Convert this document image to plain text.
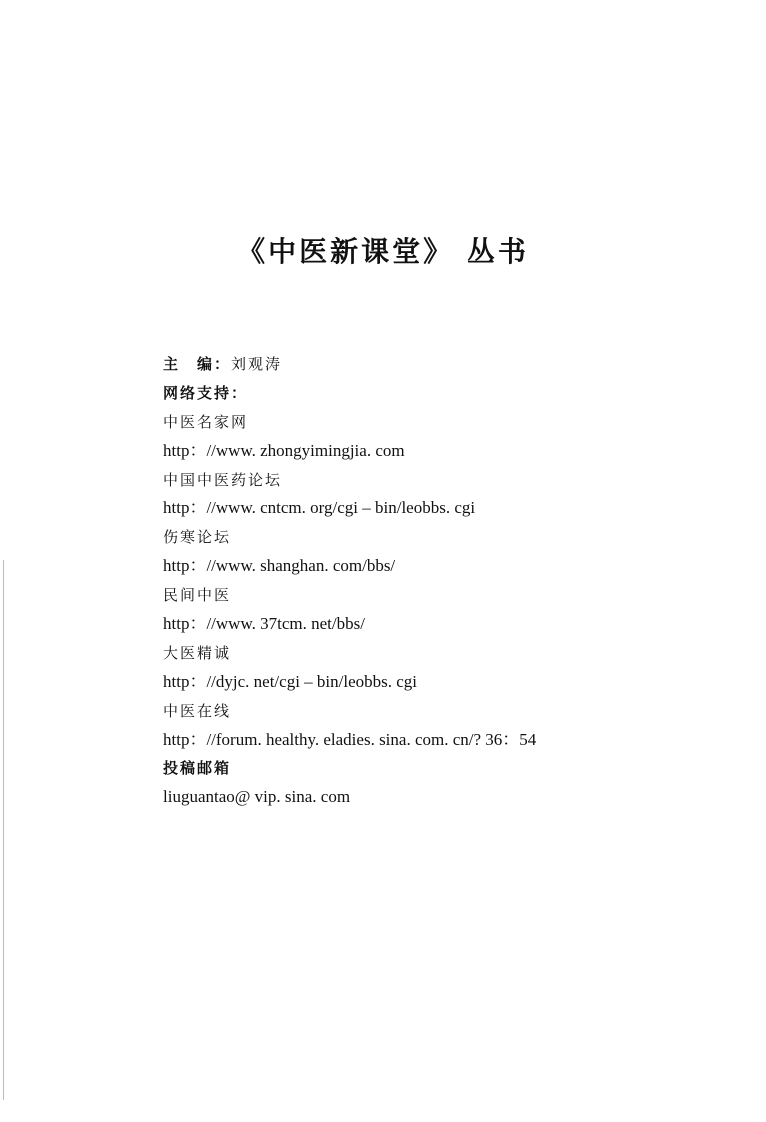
《中医新课堂》 丛书
主　编：刘观涛
网络支持：
中医名家网
http：//www. zhongyimingjia. com
中国中医药论坛
http：//www. cntcm. org/cgi – bin/leobbs. cgi
伤寒论坛
http：//www. shanghan. com/bbs/
民间中医
http：//www. 37tcm. net/bbs/
大医精诚
http：//dyjc. net/cgi – bin/leobbs. cgi
中医在线
http：//forum. healthy. eladies. sina. com. cn/? 36：54
投稿邮箱
liuguantao@ vip. sina. com
